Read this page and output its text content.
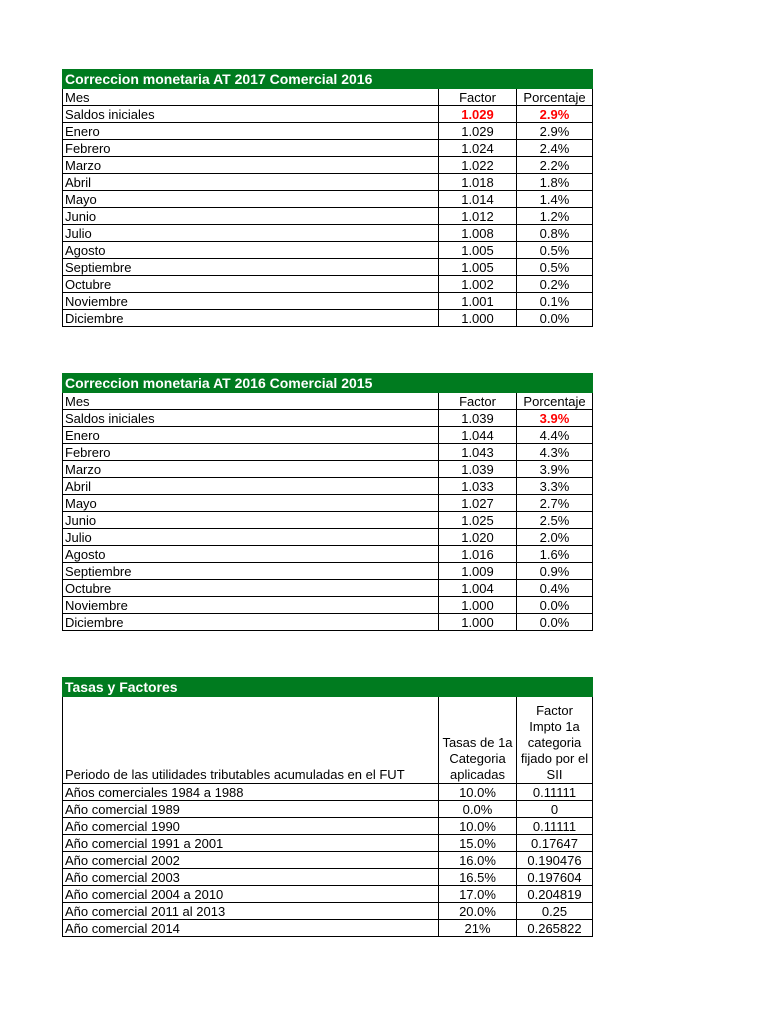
Correccion monetaria AT 2017 Comercial 2016		
Mes	Factor	Porcentaje
Saldos iniciales	1.029	2.9%
Enero	1.029	2.9%
Febrero	1.024	2.4%
Marzo	1.022	2.2%
Abril	1.018	1.8%
Mayo	1.014	1.4%
Junio	1.012	1.2%
Julio	1.008	0.8%
Agosto	1.005	0.5%
Septiembre	1.005	0.5%
Octubre	1.002	0.2%
Noviembre	1.001	0.1%
Diciembre	1.000	0.0%
Correccion monetaria AT 2016 Comercial 2015		
Mes	Factor	Porcentaje
Saldos iniciales	1.039	3.9%
Enero	1.044	4.4%
Febrero	1.043	4.3%
Marzo	1.039	3.9%
Abril	1.033	3.3%
Mayo	1.027	2.7%
Junio	1.025	2.5%
Julio	1.020	2.0%
Agosto	1.016	1.6%
Septiembre	1.009	0.9%
Octubre	1.004	0.4%
Noviembre	1.000	0.0%
Diciembre	1.000	0.0%
Tasas y Factores		
Periodo de las utilidades tributables acumuladas en el FUT	Tasas de 1a Categoria aplicadas	Factor Impto 1a categoria fijado por el SII
Años comerciales 1984 a 1988	10.0%	0.11111
Año comercial 1989	0.0%	0
Año comercial 1990	10.0%	0.11111
Año comercial 1991 a 2001	15.0%	0.17647
Año comercial 2002	16.0%	0.190476
Año comercial 2003	16.5%	0.197604
Año comercial 2004 a 2010	17.0%	0.204819
Año comercial 2011 al 2013	20.0%	0.25
Año comercial 2014	21%	0.265822
